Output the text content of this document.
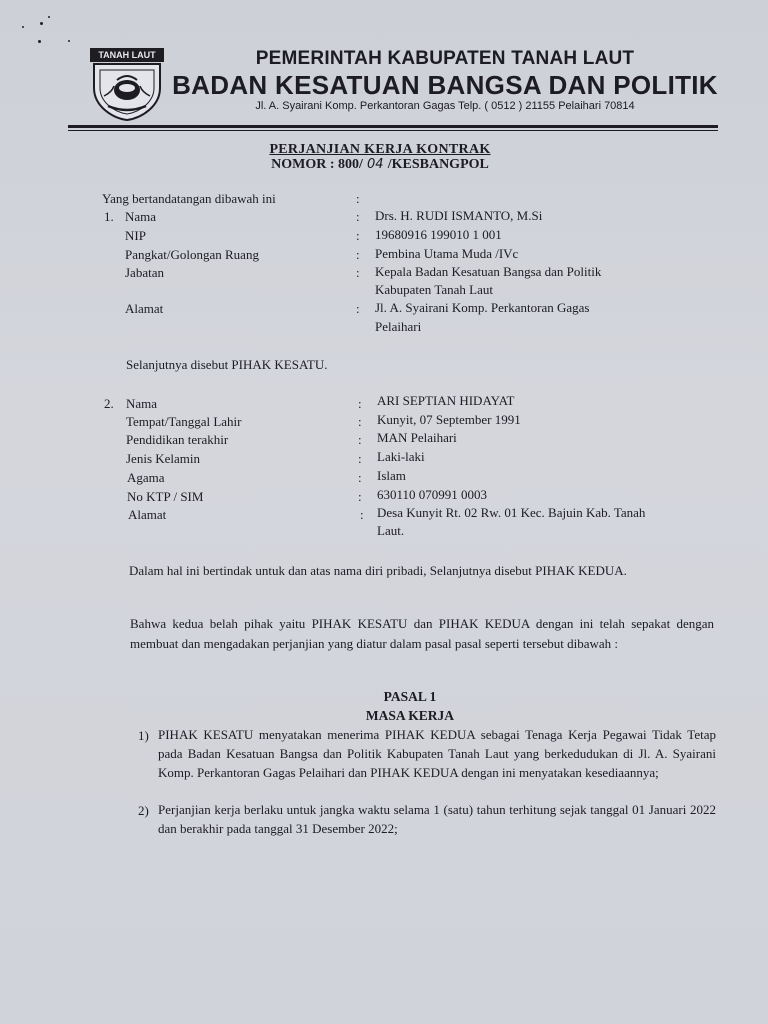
TANAH LAUT	PEMERINTAH KABUPATEN TANAH LAUT
BADAN KESATUAN BANGSA DAN POLITIK
Jl. A. Syairani Komp. Perkantoran Gagas Telp. ( 0512 ) 21155 Pelaihari 70814
PERJANJIAN KERJA KONTRAK
NOMOR : 800/ 04 /KESBANGPOL
Yang bertandatangan dibawah ini	:
1. Nama	: Drs. H. RUDI ISMANTO, M.Si
NIP	: 19680916 199010 1 001
Pangkat/Golongan Ruang	: Pembina Utama Muda /IVc
Jabatan	: Kepala Badan Kesatuan Bangsa dan Politik
Kabupaten Tanah Laut
Alamat	: Jl. A. Syairani Komp. Perkantoran Gagas
Pelaihari
Selanjutnya disebut PIHAK KESATU.
2. Nama	: ARI SEPTIAN HIDAYAT
Tempat/Tanggal Lahir	: Kunyit, 07 September 1991
Pendidikan terakhir	: MAN Pelaihari
Jenis Kelamin	: Laki-laki
Agama	: Islam
No KTP / SIM	: 630110 070991 0003
Alamat	: Desa Kunyit Rt. 02 Rw. 01 Kec. Bajuin Kab. Tanah
Laut.
Dalam hal ini bertindak untuk dan atas nama diri pribadi, Selanjutnya disebut PIHAK KEDUA.
Bahwa kedua belah pihak yaitu PIHAK KESATU dan PIHAK KEDUA dengan ini telah sepakat dengan membuat dan mengadakan perjanjian yang diatur dalam pasal pasal seperti tersebut dibawah :
PASAL 1
MASA KERJA
1) PIHAK KESATU menyatakan menerima PIHAK KEDUA sebagai Tenaga Kerja Pegawai Tidak Tetap pada Badan Kesatuan Bangsa dan Politik Kabupaten Tanah Laut yang berkedudukan di Jl. A. Syairani Komp. Perkantoran Gagas Pelaihari dan PIHAK KEDUA dengan ini menyatakan kesediaannya;
2) Perjanjian kerja berlaku untuk jangka waktu selama 1 (satu) tahun terhitung sejak tanggal 01 Januari 2022 dan berakhir pada tanggal 31 Desember 2022;
